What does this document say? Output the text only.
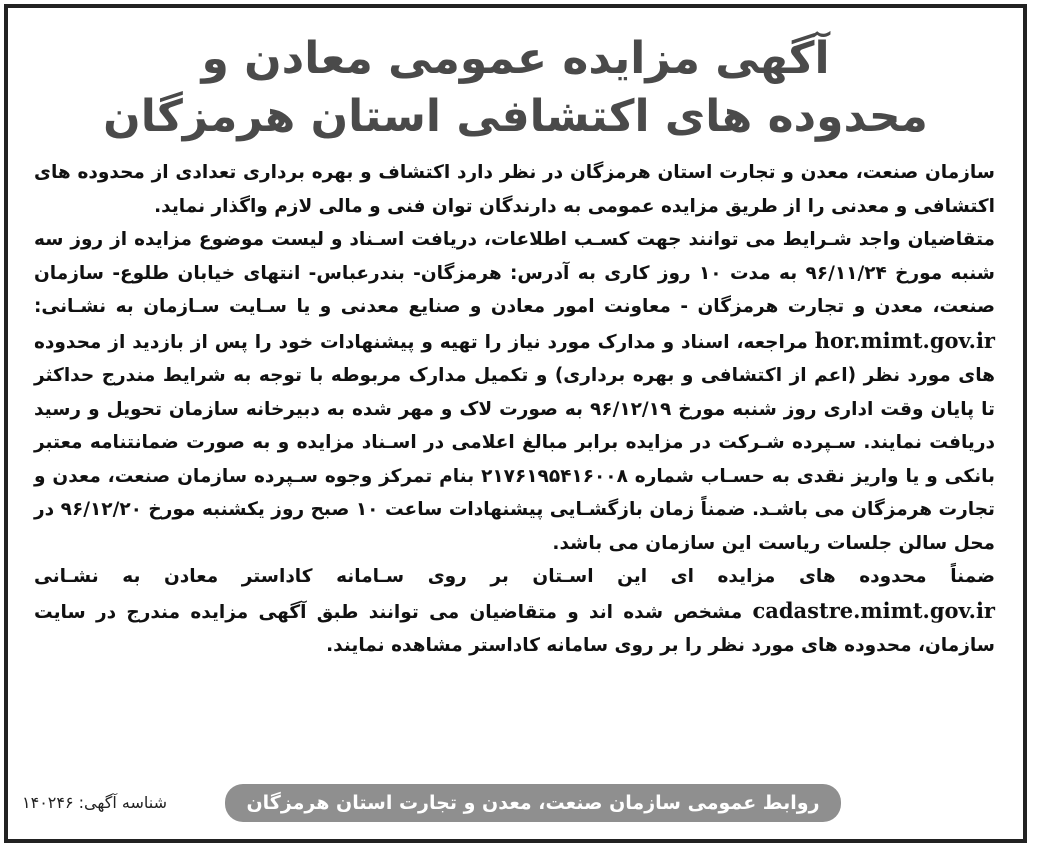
آگهی مزایده عمومی معادن و
محدوده های اکتشافی استان هرمزگان

سازمان صنعت، معدن و تجارت استان هرمزگان در نظر دارد اکتشاف و بهره برداری تعدادی از محدوده های اکتشافی و معدنی را از طریق مزایده عمومی به دارندگان توان فنی و مالی لازم واگذار نماید.

متقاضیان واجد شـرایط می توانند جهت کسـب اطلاعات، دریافت اسـناد و لیست موضوع مزایده از روز سه شنبه مورخ ۹۶/۱۱/۲۴ به مدت ۱۰ روز کاری به آدرس: هرمزگان- بندرعباس- انتهای خیابان طلوع- سازمان صنعت، معدن و تجارت هرمزگان - معاونت امور معادن و صنایع معدنی و یا سـایت سـازمان به نشـانی: hor.mimt.gov.ir مراجعه، اسناد و مدارک مورد نیاز را تهیه و پیشنهادات خود را پس از بازدید از محدوده های مورد نظر (اعم از اکتشافی و بهره برداری) و تکمیل مدارک مربوطه با توجه به شرایط مندرج حداکثر تا پایان وقت اداری روز شنبه مورخ ۹۶/۱۲/۱۹ به صورت لاک و مهر شده به دبیرخانه سازمان تحویل و رسید دریافت نمایند. سـپرده شـرکت در مزایده برابر مبالغ اعلامی در اسـناد مزایده و به صورت ضمانتنامه معتبر بانکی و یا واریز نقدی به حسـاب شماره ۲۱۷۶۱۹۵۴۱۶۰۰۸ بنام تمرکز وجوه سـپرده سازمان صنعت، معدن و تجارت هرمزگان می باشـد. ضمناً زمان بازگشـایی پیشنهادات ساعت ۱۰ صبح روز یکشنبه مورخ ۹۶/۱۲/۲۰ در محل سالن جلسات ریاست این سازمان می باشد.

ضمناً محدوده های مزایده ای این اسـتان بر روی سـامانه کاداستر معادن به نشـانی cadastre.mimt.gov.ir مشخص شده اند و متقاضیان می توانند طبق آگهی مزایده مندرج در سایت سازمان، محدوده های مورد نظر را بر روی سامانه کاداستر مشاهده نمایند.

روابط عمومی سازمان صنعت، معدن و تجارت استان هرمزگان
شناسه آگهی: ۱۴۰۲۴۶
